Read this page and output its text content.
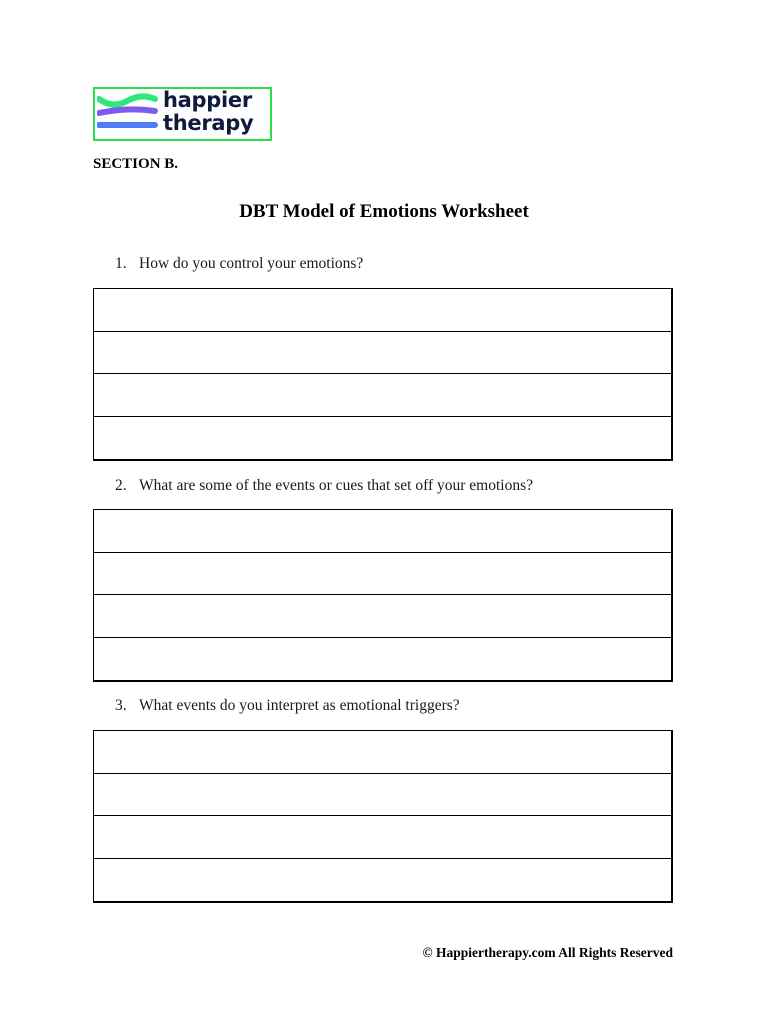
happier
therapy
SECTION B.
DBT Model of Emotions Worksheet
1. How do you control your emotions?
2. What are some of the events or cues that set off your emotions?
3. What events do you interpret as emotional triggers?
© Happiertherapy.com All Rights Reserved
